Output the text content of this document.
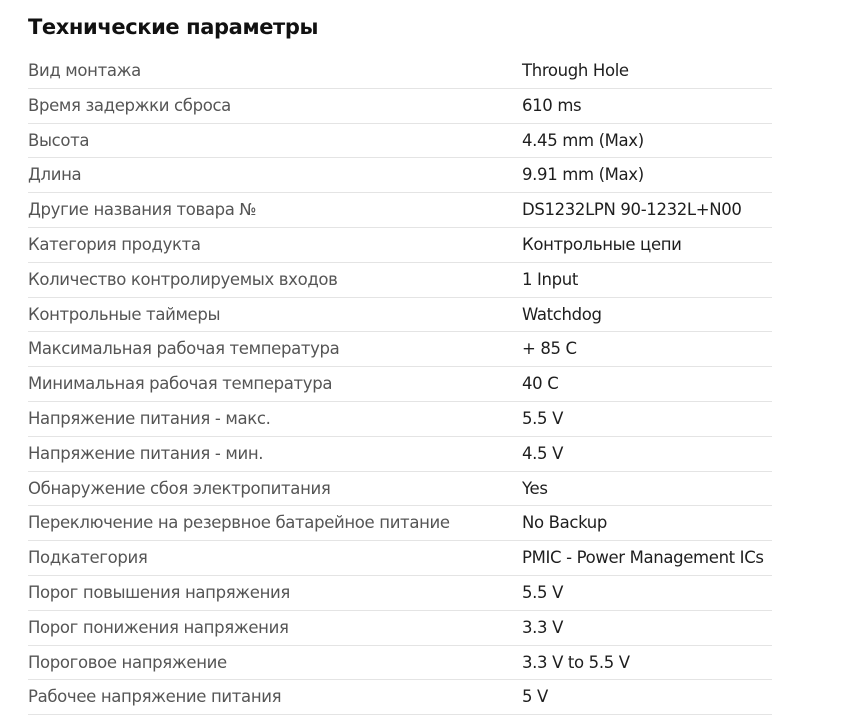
Технические параметры
Вид монтажа	Through Hole
Время задержки сброса	610 ms
Высота	4.45 mm (Max)
Длина	9.91 mm (Max)
Другие названия товара №	DS1232LPN 90-1232L+N00
Категория продукта	Контрольные цепи
Количество контролируемых входов	1 Input
Контрольные таймеры	Watchdog
Максимальная рабочая температура	+ 85 C
Минимальная рабочая температура	40 C
Напряжение питания - макс.	5.5 V
Напряжение питания - мин.	4.5 V
Обнаружение сбоя электропитания	Yes
Переключение на резервное батарейное питание	No Backup
Подкатегория	PMIC - Power Management ICs
Порог повышения напряжения	5.5 V
Порог понижения напряжения	3.3 V
Пороговое напряжение	3.3 V to 5.5 V
Рабочее напряжение питания	5 V
